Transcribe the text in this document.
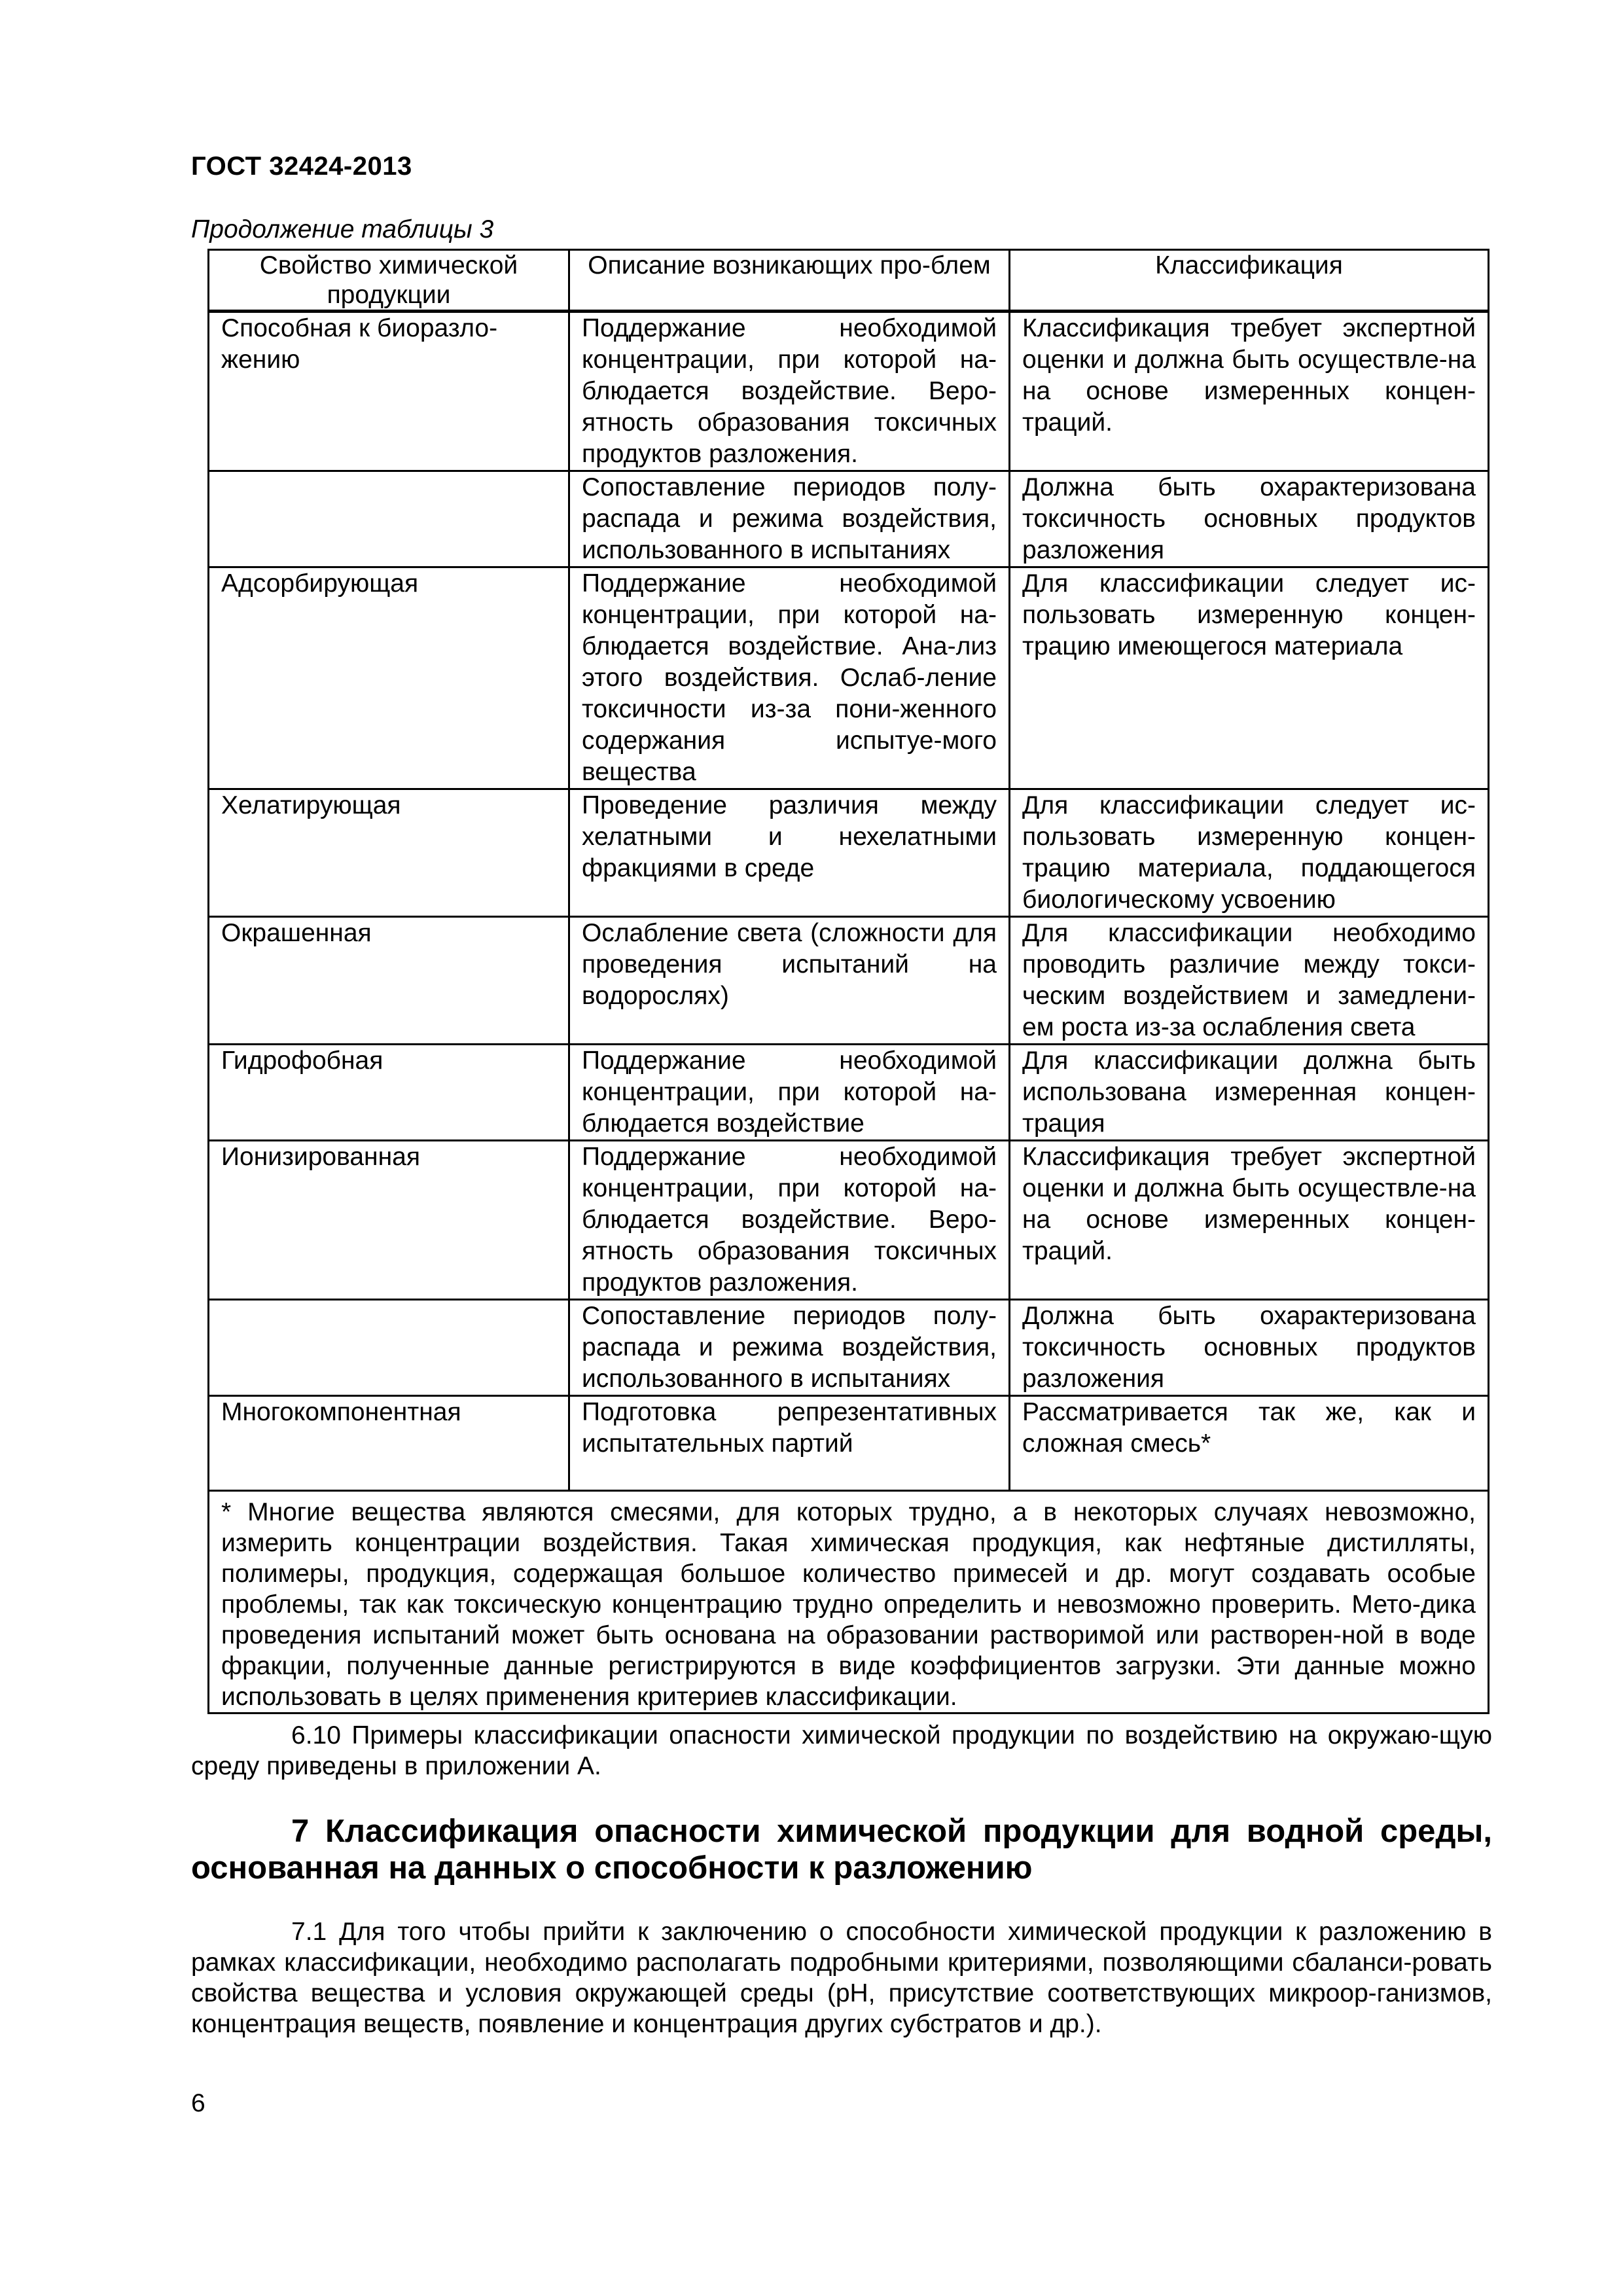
ГОСТ 32424-2013
Продолжение таблицы 3
Свойство химической продукции	Описание возникающих про-блем	Классификация
Способная к биоразло-жению	Поддержание необходимой концентрации, при которой на-блюдается воздействие. Веро-ятность образования токсичных продуктов разложения.	Классификация требует экспертной оценки и должна быть осуществле-на на основе измеренных концен-траций.
	Сопоставление периодов полу-распада и режима воздействия, использованного в испытаниях	Должна быть охарактеризована токсичность основных продуктов разложения
Адсорбирующая	Поддержание необходимой концентрации, при которой на-блюдается воздействие. Ана-лиз этого воздействия. Ослаб-ление токсичности из-за пони-женного содержания испытуе-мого вещества	Для классификации следует ис-пользовать измеренную концен-трацию имеющегося материала
Хелатирующая	Проведение различия между хелатными и нехелатными фракциями в среде	Для классификации следует ис-пользовать измеренную концен-трацию материала, поддающегося биологическому усвоению
Окрашенная	Ослабление света (сложности для проведения испытаний на водорослях)	Для классификации необходимо проводить различие между токси-ческим воздействием и замедлени-ем роста из-за ослабления света
Гидрофобная	Поддержание необходимой концентрации, при которой на-блюдается воздействие	Для классификации должна быть использована измеренная концен-трация
Ионизированная	Поддержание необходимой концентрации, при которой на-блюдается воздействие. Веро-ятность образования токсичных продуктов разложения.	Классификация требует экспертной оценки и должна быть осуществле-на на основе измеренных концен-траций.
	Сопоставление периодов полу-распада и режима воздействия, использованного в испытаниях	Должна быть охарактеризована токсичность основных продуктов разложения
Многокомпонентная	Подготовка репрезентативных испытательных партий	Рассматривается так же, как и сложная смесь*

* Многие вещества являются смесями, для которых трудно, а в некоторых случаях невозможно, измерить концентрации воздействия. Такая химическая продукция, как нефтяные дистилляты, полимеры, продукция, содержащая большое количество примесей и др. могут создавать особые проблемы, так как токсическую концентрацию трудно определить и невозможно проверить. Мето-дика проведения испытаний может быть основана на образовании растворимой или растворен-ной в воде фракции, полученные данные регистрируются в виде коэффициентов загрузки. Эти данные можно использовать в целях применения критериев классификации.		
6.10 Примеры классификации опасности химической продукции по воздействию на окружаю-щую среду приведены в приложении А.
7 Классификация опасности химической продукции для водной среды, основанная на данных о способности к разложению
7.1 Для того чтобы прийти к заключению о способности химической продукции к разложению в рамках классификации, необходимо располагать подробными критериями, позволяющими сбаланси-ровать свойства вещества и условия окружающей среды (pH, присутствие соответствующих микроор-ганизмов, концентрация веществ, появление и концентрация других субстратов и др.).
6
